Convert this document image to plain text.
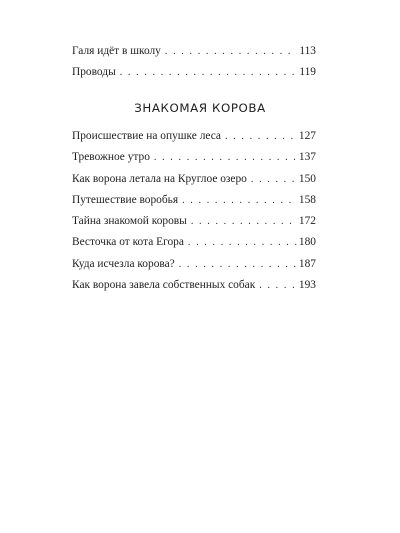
Галя идёт в школу . . .	113
Проводы . . .	119
ЗНАКОМАЯ КОРОВА
Происшествие на опушке леса . . .	127
Тревожное утро . . .	137
Как ворона летала на Круглое озеро . . .	150
Путешествие воробья . . .	158
Тайна знакомой коровы . . .	172
Весточка от кота Егора . . .	180
Куда исчезла корова? . . .	187
Как ворона завела собственных собак . . .	193
